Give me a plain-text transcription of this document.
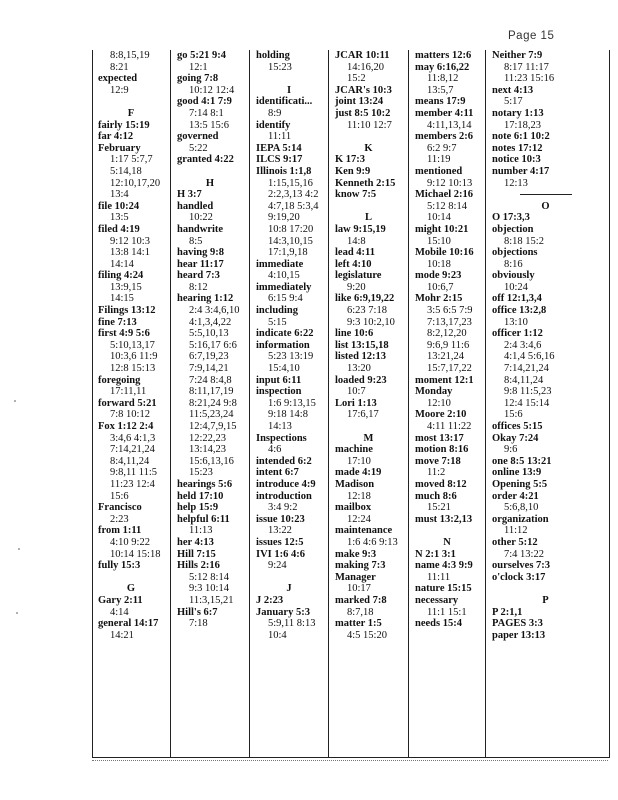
Page 15
8:8,15,19
8:21
expected
12:9
F
fairly 15:19
far 4:12
February
1:17 5:7,7
5:14,18
12:10,17,20
13:4
file 10:24
13:5
filed 4:19
9:12 10:3
13:8 14:1
14:14
filing 4:24
13:9,15
14:15
Filings 13:12
fine 7:13
first 4:9 5:6
5:10,13,17
10:3,6 11:9
12:8 15:13
foregoing
17:11,11
forward 5:21
7:8 10:12
Fox 1:12 2:4
3:4,6 4:1,3
7:14,21,24
8:4,11,24
9:8,11 11:5
11:23 12:4
15:6
Francisco
2:23
from 1:11
4:10 9:22
10:14 15:18
fully 15:3
G
Gary 2:11
4:14
general 14:17
14:21
go 5:21 9:4
12:1
going 7:8
10:12 12:4
good 4:1 7:9
7:14 8:1
13:5 15:6
governed
5:22
granted 4:22
H
H 3:7
handled
10:22
handwrite
8:5
having 9:8
hear 11:17
heard 7:3
8:12
hearing 1:12
2:4 3:4,6,10
4:1,3,4,22
5:5,10,13
5:16,17 6:6
6:7,19,23
7:9,14,21
7:24 8:4,8
8:11,17,19
8:21,24 9:8
11:5,23,24
12:4,7,9,15
12:22,23
13:14,23
15:6,13,16
15:23
hearings 5:6
held 17:10
help 15:9
helpful 6:11
11:13
her 4:13
Hill 7:15
Hills 2:16
5:12 8:14
9:3 10:14
11:3,15,21
Hill's 6:7
7:18
holding
15:23
I
identificati...
8:9
identify
11:11
IEPA 5:14
ILCS 9:17
Illinois 1:1,8
1:15,15,16
2:2,3,13 4:2
4:7,18 5:3,4
9:19,20
10:8 17:20
14:3,10,15
17:1,9,18
immediate
4:10,15
immediately
6:15 9:4
including
5:15
indicate 6:22
information
5:23 13:19
15:4,10
input 6:11
inspection
1:6 9:13,15
9:18 14:8
14:13
Inspections
4:6
intended 6:2
intent 6:7
introduce 4:9
introduction
3:4 9:2
issue 10:23
13:22
issues 12:5
IVI 1:6 4:6
9:24
J
J 2:23
January 5:3
5:9,11 8:13
10:4
JCAR 10:11
14:16,20
15:2
JCAR's 10:3
joint 13:24
just 8:5 10:2
11:10 12:7
K
K 17:3
Ken 9:9
Kenneth 2:15
know 7:5
L
law 9:15,19
14:8
lead 4:11
left 4:10
legislature
9:20
like 6:9,19,22
6:23 7:18
9:3 10:2,10
line 10:6
list 13:15,18
listed 12:13
13:20
loaded 9:23
10:7
Lori 1:13
17:6,17
M
machine
17:10
made 4:19
Madison
12:18
mailbox
12:24
maintenance
1:6 4:6 9:13
make 9:3
making 7:3
Manager
10:17
marked 7:8
8:7,18
matter 1:5
4:5 15:20
matters 12:6
may 6:16,22
11:8,12
13:5,7
means 17:9
member 4:11
4:11,13,14
members 2:6
6:2 9:7
11:19
mentioned
9:12 10:13
Michael 2:16
5:12 8:14
10:14
might 10:21
15:10
Mobile 10:16
10:18
mode 9:23
10:6,7
Mohr 2:15
3:5 6:5 7:9
7:13,17,23
8:2,12,20
9:6,9 11:6
13:21,24
15:7,17,22
moment 12:1
Monday
12:10
Moore 2:10
4:11 11:22
most 13:17
motion 8:16
move 7:18
11:2
moved 8:12
much 8:6
15:21
must 13:2,13
N
N 2:1 3:1
name 4:3 9:9
11:11
nature 15:15
necessary
11:1 15:1
needs 15:4
Neither 7:9
8:17 11:17
11:23 15:16
next 4:13
5:17
notary 1:13
17:18,23
note 6:1 10:2
notes 17:12
notice 10:3
number 4:17
12:13
O
O 17:3,3
objection
8:18 15:2
objections
8:16
obviously
10:24
off 12:1,3,4
office 13:2,8
13:10
officer 1:12
2:4 3:4,6
4:1,4 5:6,16
7:14,21,24
8:4,11,24
9:8 11:5,23
12:4 15:14
15:6
offices 5:15
Okay 7:24
9:6
one 8:5 13:21
online 13:9
Opening 5:5
order 4:21
5:6,8,10
organization
11:12
other 5:12
7:4 13:22
ourselves 7:3
o'clock 3:17
P
P 2:1,1
PAGES 3:3
paper 13:13
